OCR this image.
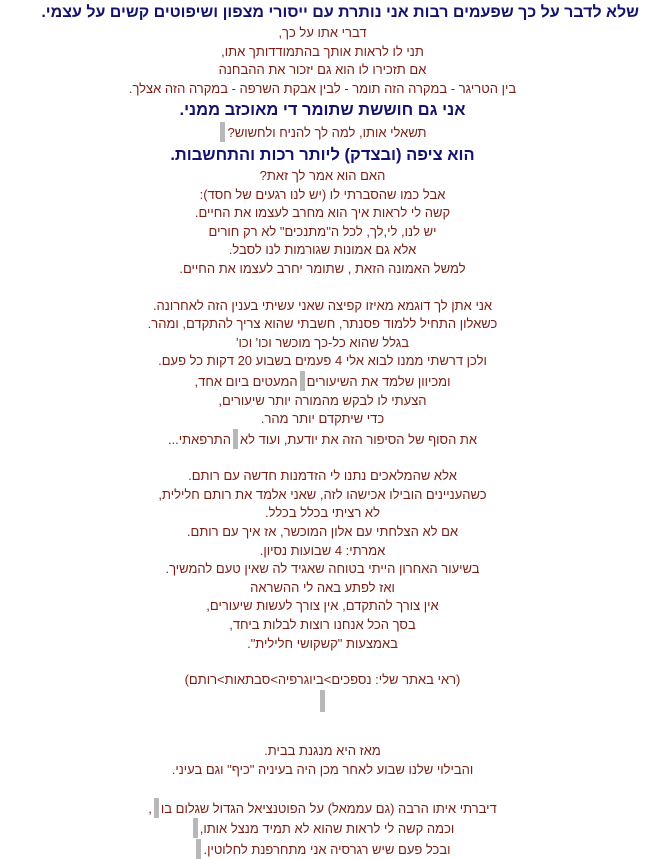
שלא לדבר על כך שפעמים רבות אני נותרת עם ייסורי מצפון ושיפוטים קשים על עצמי.
דברי אתו על כך,
תני לו לראות אותך בהתמודדותך אתו,
אם תזכירו לו הוא גם יזכור את ההבחנה
בין הטריגר - במקרה הזה תומר - לבין אבקת השרפה - במקרה הזה אצלך.
אני גם חוששת שתומר די מאוכזב ממני.
תשאלי אותו, למה לך להניח ולחשוש?
הוא ציפה (ובצדק) ליותר רכות והתחשבות.
האם הוא אמר לך זאת?
אבל כמו שהסברתי לו (יש לנו רגעים של חסד):
קשה לי לראות איך הוא מחרב לעצמו את החיים.
יש לנו, לי,לך, לכל ה"מתנכים" לא רק חורים
אלא גם אמונות שגורמות לנו לסבל.
למשל האמונה הזאת , שתומר יחרב לעצמו את החיים.
אני אתן לך דוגמא מאיזו קפיצה שאני עשיתי בענין הזה לאחרונה.
כשאלון התחיל ללמוד פסנתר, חשבתי שהוא צריך להתקדם, ומהר.
בגלל שהוא כל-כך מוכשר וכו' וכו'
ולכן דרשתי ממנו לבוא אלי 4 פעמים בשבוע 20 דקות כל פעם.
ומכיוון שלמד את השיעוריםהמעטים ביום אחד,
הצעתי לו לבקש מהמורה יותר שיעורים,
כדי שיתקדם יותר מהר.
את הסוף של הסיפור הזה את יודעת, ועוד לאהתרפאתי...
אלא שהמלאכים נתנו לי הזדמנות חדשה עם רותם.
כשהעניינים הובילו אכישהו לזה, שאני אלמד את רותם חלילית,
לא רציתי בכלל בכלל.
אם לא הצלחתי עם אלון המוכשר, אז איך עם רותם.
אמרתי: 4 שבועות נסיון.
בשיעור האחרון הייתי בטוחה שאגיד לה שאין טעם להמשיך.
ואז לפתע באה לי ההשראה
אין צורך להתקדם, אין צורך לעשות שיעורים,
בסך הכל אנחנו רוצות לבלות ביחד,
באמצעות "קשקושי חלילית".
(ראי באתר שלי: נספכים>ביוגרפיה>סבתאות>רותם)
מאז היא מנגנת בבית.
והבילוי שלנו שבוע לאחר מכן היה בעיניה "כיף" וגם בעיני.
דיברתי איתו הרבה (גם עממאל) על הפוטנציאל הגדול שגלום בו,
וכמה קשה לי לראות שהוא לא תמיד מנצל אותו,
ובכל פעם שיש רגרסיה אני מתחרפנת לחלוטין.
